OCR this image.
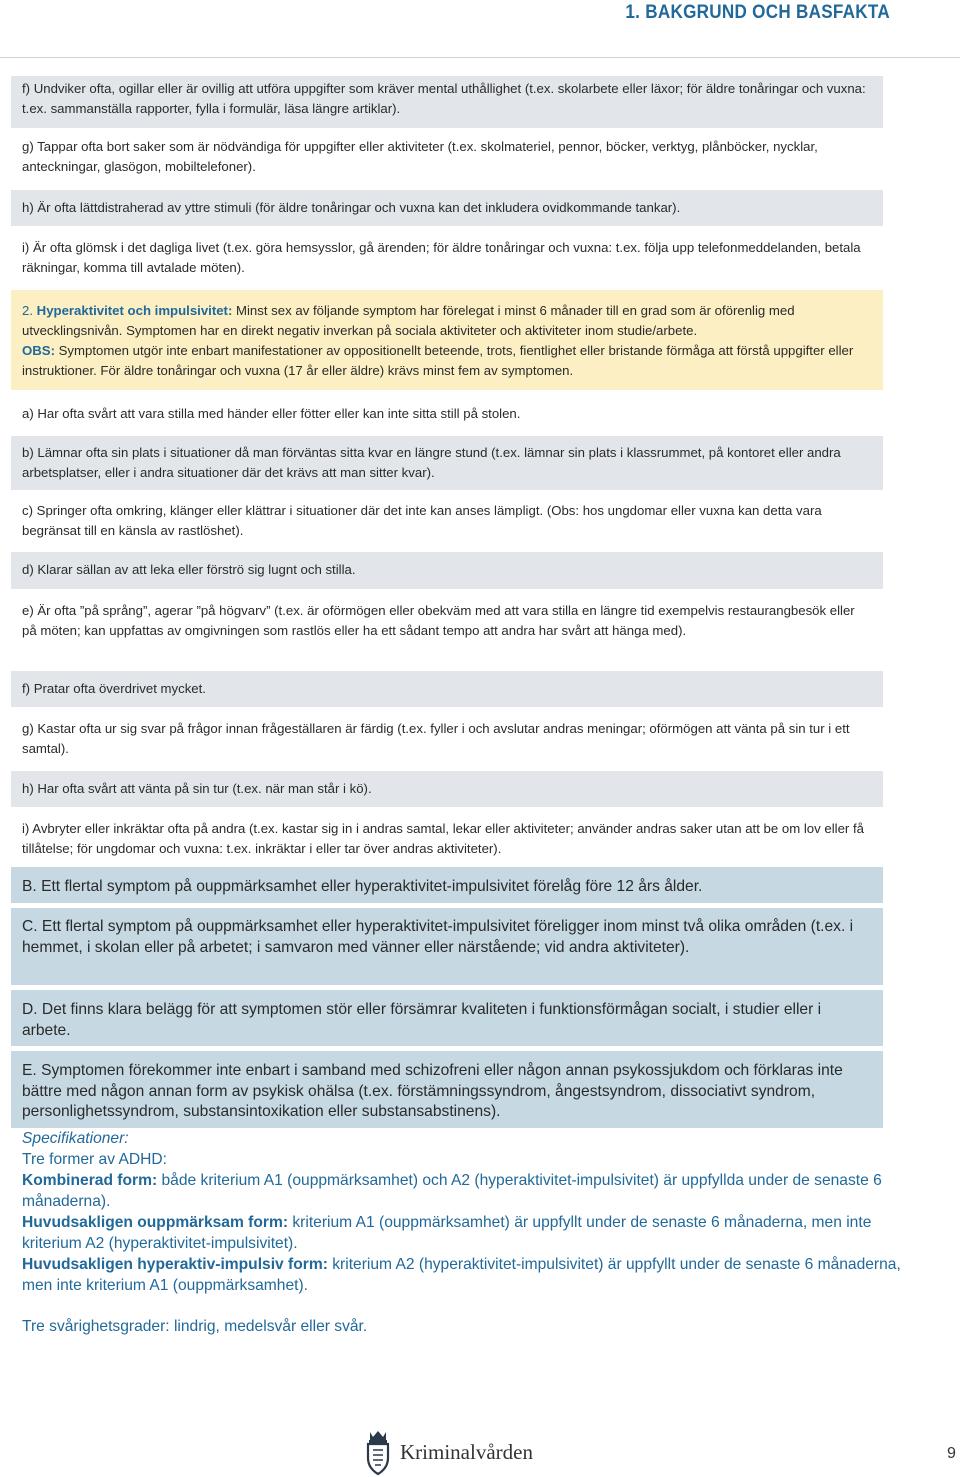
1. BAKGRUND OCH BASFAKTA
f) Undviker ofta, ogillar eller är ovillig att utföra uppgifter som kräver mental uthållighet (t.ex. skolarbete eller läxor; för äldre tonåringar och vuxna: t.ex. sammanställa rapporter, fylla i formulär, läsa längre artiklar).
g) Tappar ofta bort saker som är nödvändiga för uppgifter eller aktiviteter (t.ex. skolmateriel, pennor, böcker, verktyg, plånböcker, nycklar, anteckningar, glasögon, mobiltelefoner).
h) Är ofta lättdistraherad av yttre stimuli (för äldre tonåringar och vuxna kan det inkludera ovidkommande tankar).
i) Är ofta glömsk i det dagliga livet (t.ex. göra hemsysslor, gå ärenden; för äldre tonåringar och vuxna: t.ex. följa upp telefonmeddelanden, betala räkningar, komma till avtalade möten).
2. Hyperaktivitet och impulsivitet: Minst sex av följande symptom har förelegat i minst 6 månader till en grad som är oförenlig med utvecklingsnivån. Symptomen har en direkt negativ inverkan på sociala aktiviteter och aktiviteter inom studie/arbete.
OBS: Symptomen utgör inte enbart manifestationer av oppositionellt beteende, trots, fientlighet eller bristande förmåga att förstå uppgifter eller instruktioner. För äldre tonåringar och vuxna (17 år eller äldre) krävs minst fem av symptomen.
a) Har ofta svårt att vara stilla med händer eller fötter eller kan inte sitta still på stolen.
b) Lämnar ofta sin plats i situationer då man förväntas sitta kvar en längre stund (t.ex. lämnar sin plats i klassrummet, på kontoret eller andra arbetsplatser, eller i andra situationer där det krävs att man sitter kvar).
c) Springer ofta omkring, klänger eller klättrar i situationer där det inte kan anses lämpligt. (Obs: hos ungdomar eller vuxna kan detta vara begränsat till en känsla av rastlöshet).
d) Klarar sällan av att leka eller förströ sig lugnt och stilla.
e) Är ofta ”på språng”, agerar ”på högvarv” (t.ex. är oförmögen eller obekväm med att vara stilla en längre tid exempelvis restaurangbesök eller på möten; kan uppfattas av omgivningen som rastlös eller ha ett sådant tempo att andra har svårt att hänga med).
f) Pratar ofta överdrivet mycket.
g) Kastar ofta ur sig svar på frågor innan frågeställaren är färdig (t.ex. fyller i och avslutar andras meningar; oförmögen att vänta på sin tur i ett samtal).
h) Har ofta svårt att vänta på sin tur (t.ex. när man står i kö).
i) Avbryter eller inkräktar ofta på andra (t.ex. kastar sig in i andras samtal, lekar eller aktiviteter; använder andras saker utan att be om lov eller få tillåtelse; för ungdomar och vuxna: t.ex. inkräktar i eller tar över andras aktiviteter).
B. Ett flertal symptom på ouppmärksamhet eller hyperaktivitet-impulsivitet förelåg före 12 års ålder.
C. Ett flertal symptom på ouppmärksamhet eller hyperaktivitet-impulsivitet föreligger inom minst två olika områden (t.ex. i hemmet, i skolan eller på arbetet; i samvaron med vänner eller närstående; vid andra aktiviteter).
D. Det finns klara belägg för att symptomen stör eller försämrar kvaliteten i funktionsförmågan socialt, i studier eller i arbete.
E. Symptomen förekommer inte enbart i samband med schizofreni eller någon annan psykossjukdom och förklaras inte bättre med någon annan form av psykisk ohälsa (t.ex. förstämningssyndrom, ångestsyndrom, dissociativt syndrom, personlighetssyndrom, substansintoxikation eller substansabstinens).
Specifikationer:
Tre former av ADHD:
Kombinerad form: både kriterium A1 (ouppmärksamhet) och A2 (hyperaktivitet-impulsivitet) är uppfyllda under de senaste 6 månaderna).
Huvudsakligen ouppmärksam form: kriterium A1 (ouppmärksamhet) är uppfyllt under de senaste 6 månaderna, men inte kriterium A2 (hyperaktivitet-impulsivitet).
Huvudsakligen hyperaktiv-impulsiv form: kriterium A2 (hyperaktivitet-impulsivitet) är uppfyllt under de senaste 6 månaderna, men inte kriterium A1 (ouppmärksamhet).
Tre svårighetsgrader: lindrig, medelsvår eller svår.
Kriminalvården	9
